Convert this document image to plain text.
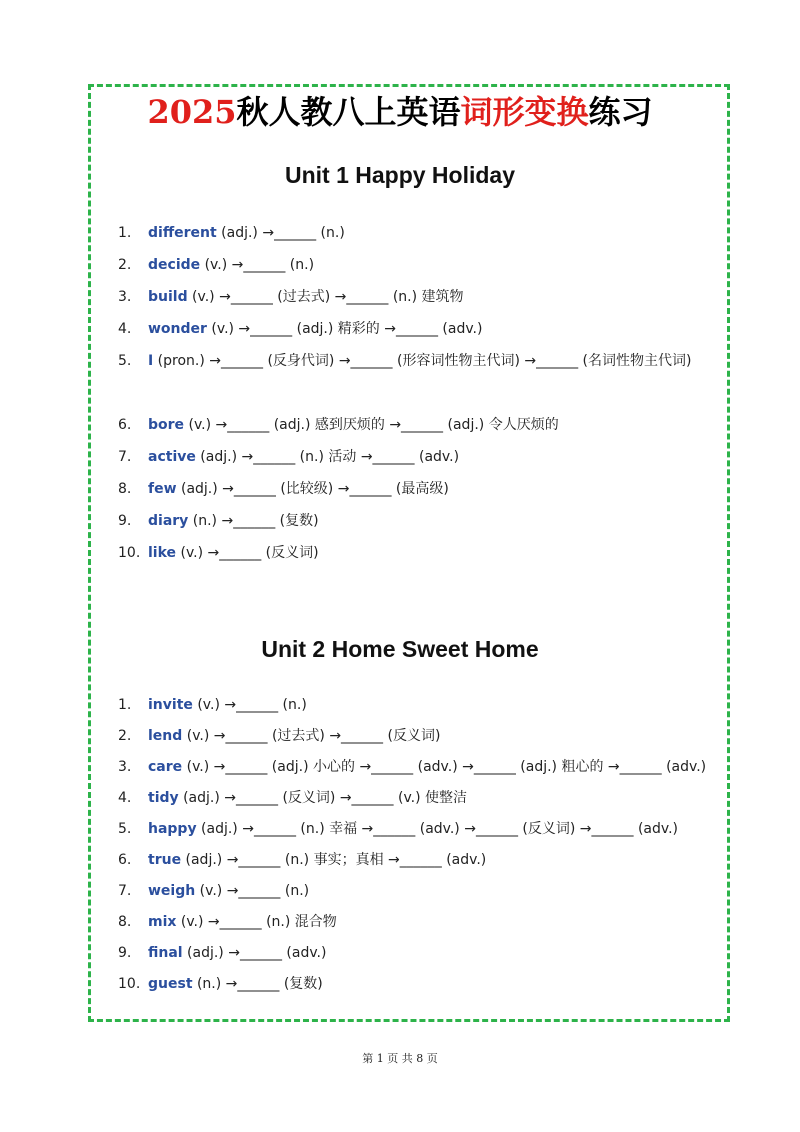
2025秋人教八上英语词形变换练习
Unit 1 Happy Holiday
1.	different (adj.) →______ (n.)
2.	decide (v.) →______ (n.)
3.	build (v.) →______ (过去式) →______ (n.) 建筑物
4.	wonder (v.) →______ (adj.) 精彩的 →______ (adv.)
5.	I (pron.) →______ (反身代词) →______ (形容词性物主代词) →______ (名词性物主代词)
6.	bore (v.) →______ (adj.) 感到厌烦的 →______ (adj.) 令人厌烦的
7.	active (adj.) →______ (n.) 活动 →______ (adv.)
8.	few (adj.) →______ (比较级) →______ (最高级)
9.	diary (n.) →______ (复数)
10. like (v.) →______ (反义词)
Unit 2 Home Sweet Home
1.	invite (v.) →______ (n.)
2.	lend (v.) →______ (过去式) →______ (反义词)
3.	care (v.) →______ (adj.) 小心的 →______ (adv.) →______ (adj.) 粗心的 →______ (adv.)
4.	tidy (adj.) →______ (反义词) →______ (v.) 使整洁
5.	happy (adj.) →______ (n.) 幸福 →______ (adv.) →______ (反义词) →______ (adv.)
6.	true (adj.) →______ (n.) 事实；真相 →______ (adv.)
7.	weigh (v.) →______ (n.)
8.	mix (v.) →______ (n.) 混合物
9.	final (adj.) →______ (adv.)
10. guest (n.) →______ (复数)
第 1 页 共 8 页
